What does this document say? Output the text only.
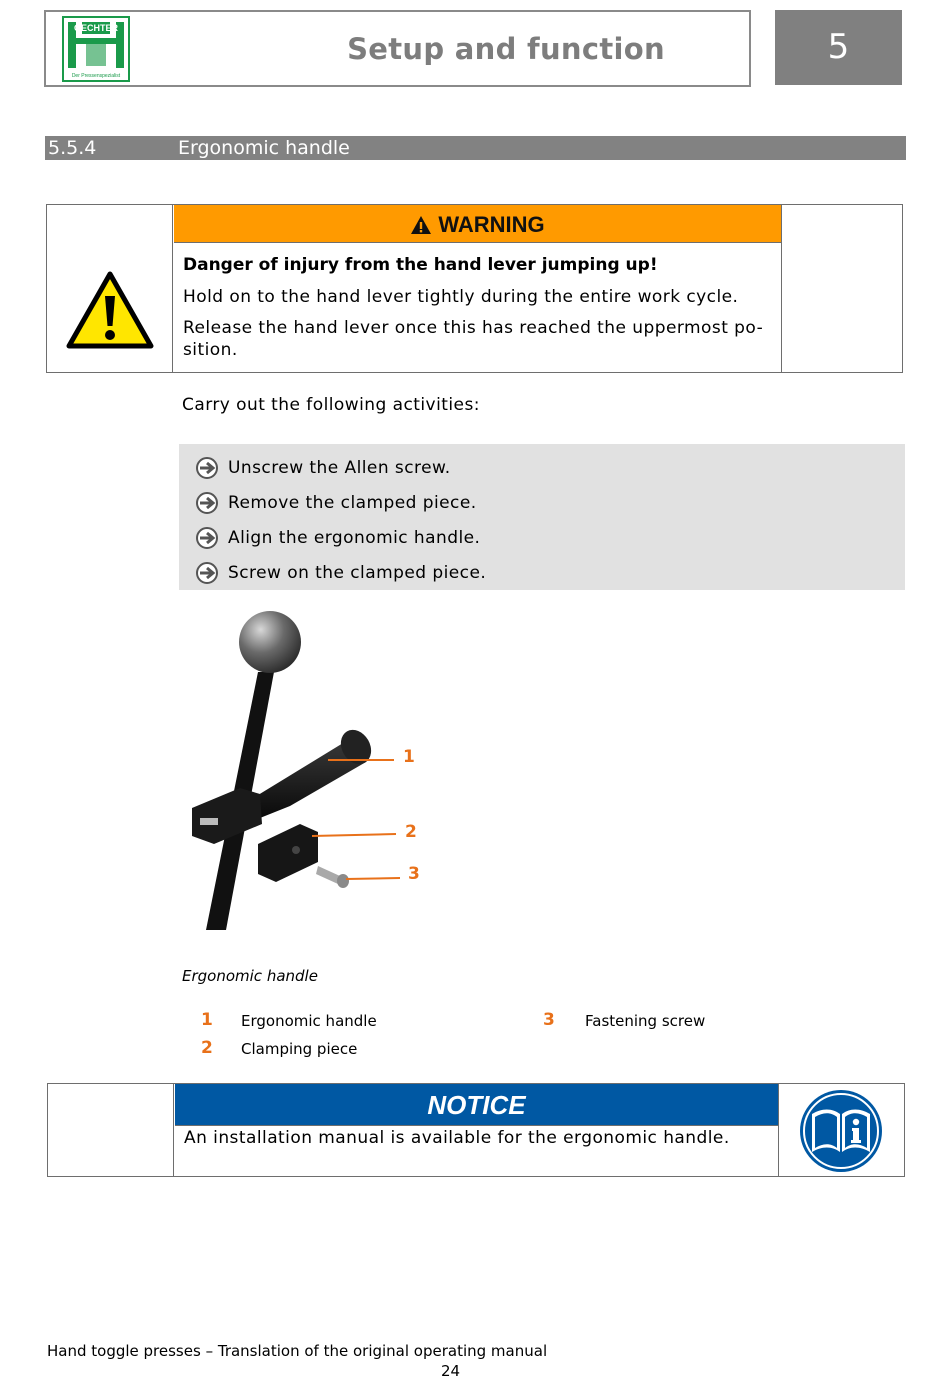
GECHTER
Der Pressenspezialist
Setup and function	5
5.5.4	Ergonomic handle
WARNING
Danger of injury from the hand lever jumping up!
Hold on to the hand lever tightly during the entire work cycle.
Release the hand lever once this has reached the uppermost po-
sition.
Carry out the following activities:
Unscrew the Allen screw.
Remove the clamped piece.
Align the ergonomic handle.
Screw on the clamped piece.
1
2
3
Ergonomic handle
1 Ergonomic handle
2 Clamping piece
3 Fastening screw
NOTICE
An installation manual is available for the ergonomic handle.
Hand toggle presses – Translation of the original operating manual
24
